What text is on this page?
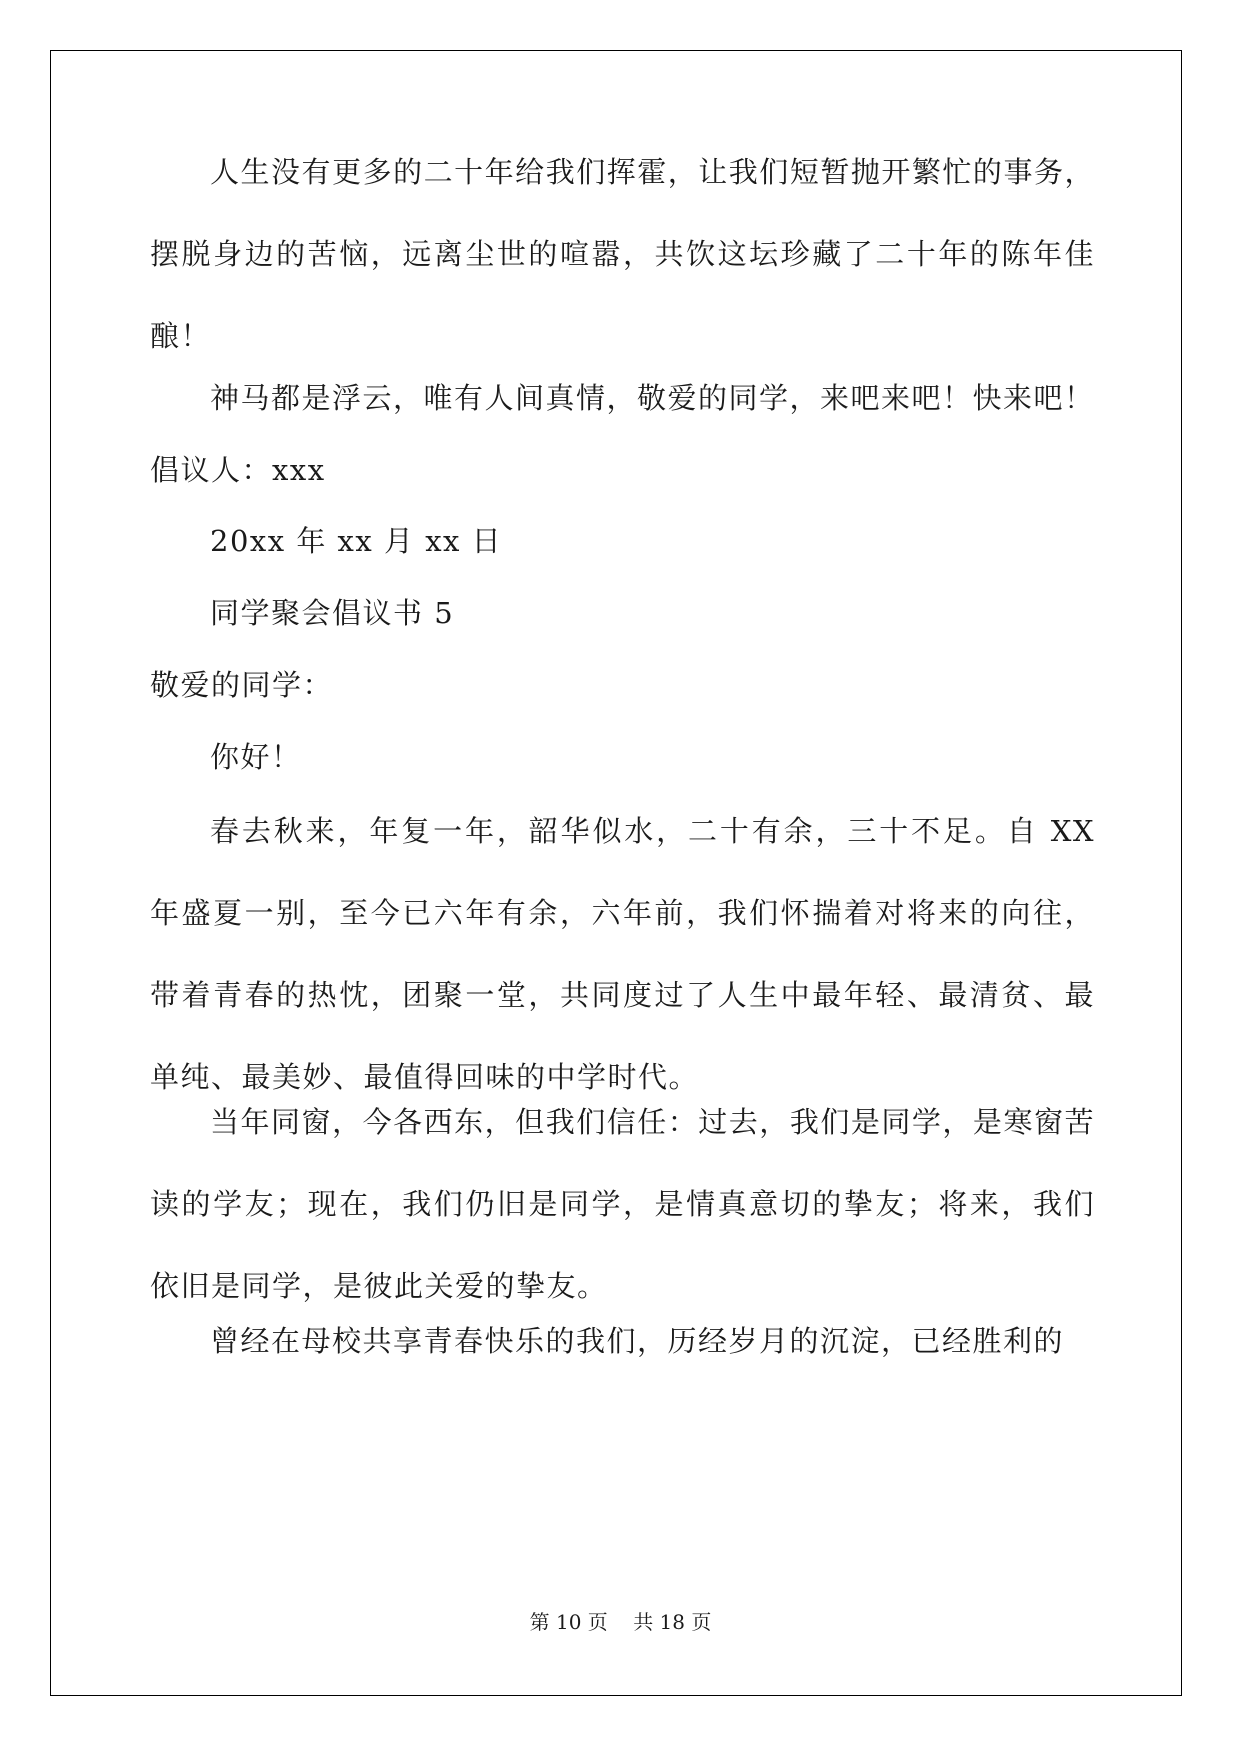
人生没有更多的二十年给我们挥霍，让我们短暂抛开繁忙的事务，摆脱身边的苦恼，远离尘世的喧嚣，共饮这坛珍藏了二十年的陈年佳酿！

神马都是浮云，唯有人间真情，敬爱的同学，来吧来吧！快来吧！

倡议人：xxx

20xx 年 xx 月 xx 日

同学聚会倡议书 5

敬爱的同学：

你好！

春去秋来，年复一年，韶华似水，二十有余，三十不足。自 XX 年盛夏一别，至今已六年有余，六年前，我们怀揣着对将来的向往，带着青春的热忱，团聚一堂，共同度过了人生中最年轻、最清贫、最单纯、最美妙、最值得回味的中学时代。

当年同窗，今各西东，但我们信任：过去，我们是同学，是寒窗苦读的学友；现在，我们仍旧是同学，是情真意切的挚友；将来，我们依旧是同学，是彼此关爱的挚友。

曾经在母校共享青春快乐的我们，历经岁月的沉淀，已经胜利的

第 10 页    共 18 页
